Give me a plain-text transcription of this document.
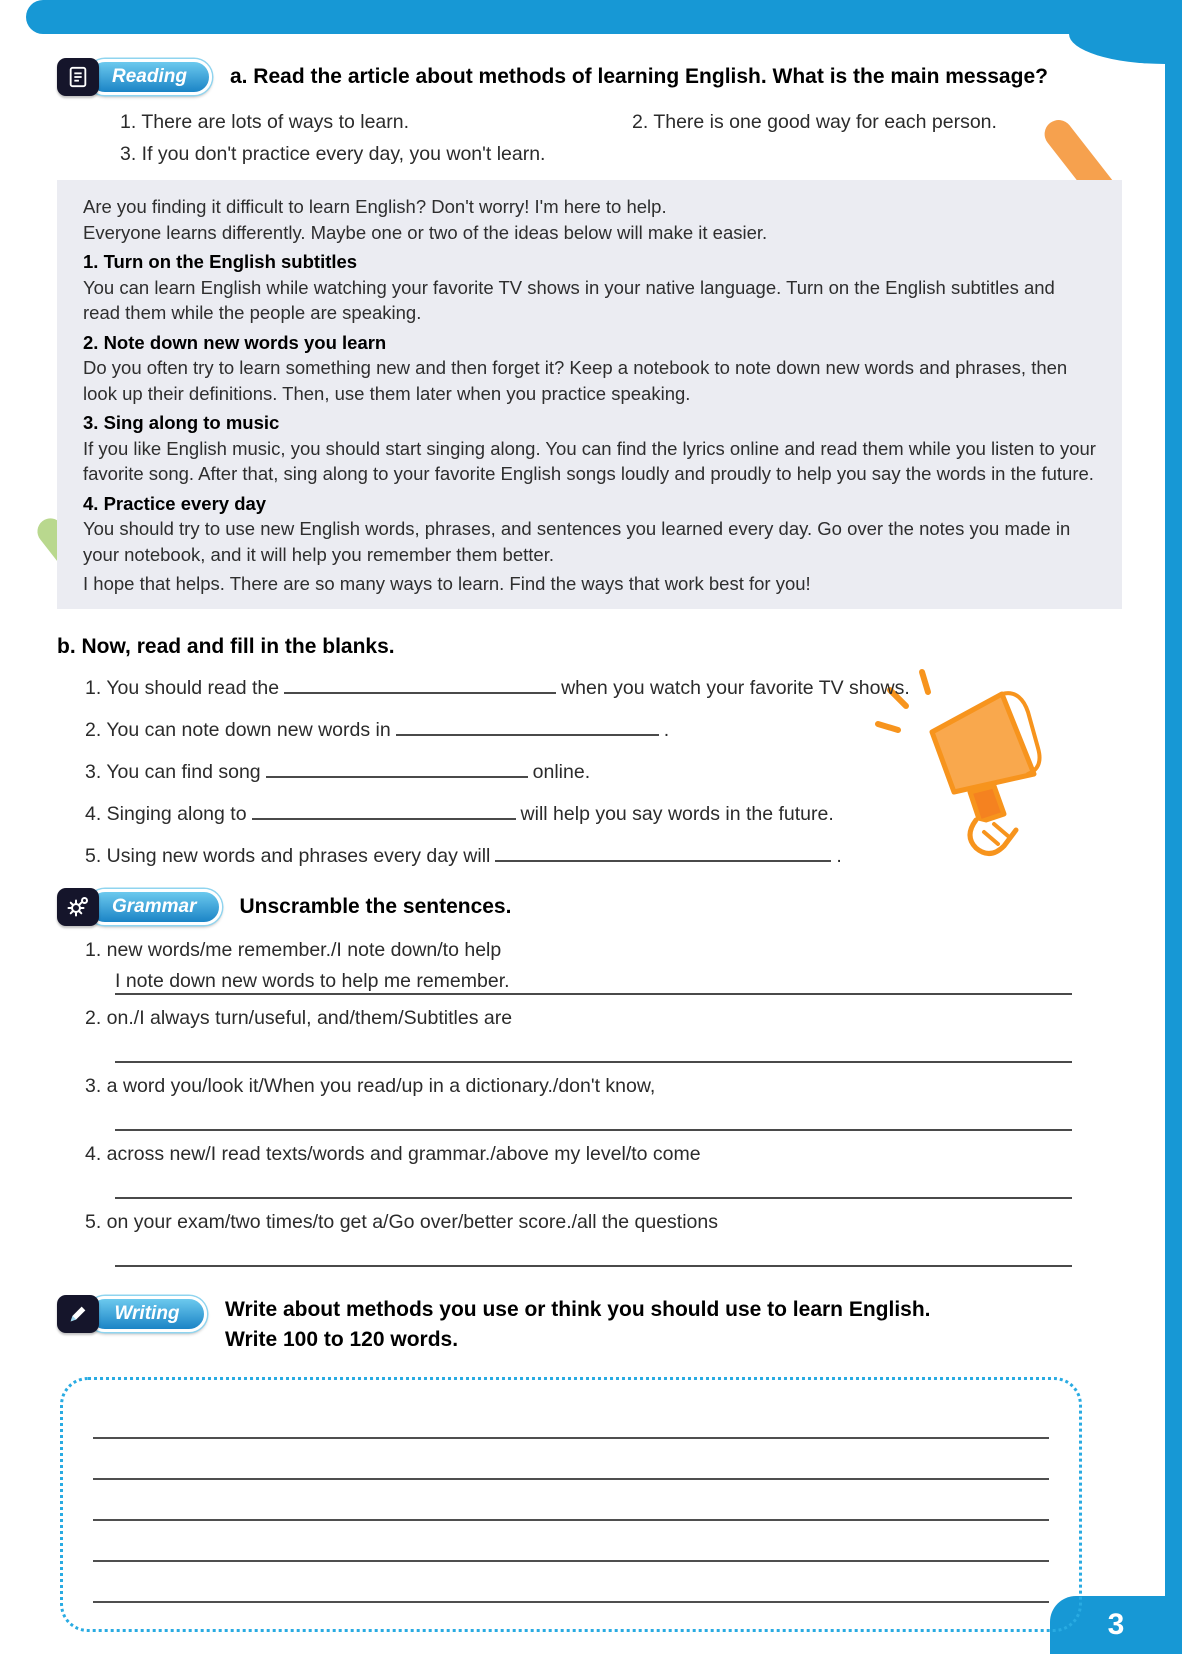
3
Reading	a. Read the article about methods of learning English. What is the main message?
1. There are lots of ways to learn.	2. There is one good way for each person.
3. If you don't practice every day, you won't learn.

Are you finding it difficult to learn English? Don't worry! I'm here to help.

Everyone learns differently. Maybe one or two of the ideas below will make it easier.

1. Turn on the English subtitles

You can learn English while watching your favorite TV shows in your native language. Turn on the English subtitles and read them while the people are speaking.

2. Note down new words you learn

Do you often try to learn something new and then forget it? Keep a notebook to note down new words and phrases, then look up their definitions. Then, use them later when you practice speaking.

3. Sing along to music

If you like English music, you should start singing along. You can find the lyrics online and read them while you listen to your favorite song. After that, sing along to your favorite English songs loudly and proudly to help you say the words in the future.

4. Practice every day

You should try to use new English words, phrases, and sentences you learned every day. Go over the notes you made in your notebook, and it will help you remember them better.

I hope that helps. There are so many ways to learn. Find the ways that work best for you!

b. Now, read and fill in the blanks.
1. You should read the	when you watch your favorite TV shows.
2. You can note down new words in	.
3. You can find song	online.
4. Singing along to	will help you say words in the future.
5. Using new words and phrases every day will	.
Grammar	Unscramble the sentences.
1. new words/me remember./I note down/to help
I note down new words to help me remember.
2. on./I always turn/useful, and/them/Subtitles are
3. a word you/look it/When you read/up in a dictionary./don't know,
4. across new/I read texts/words and grammar./above my level/to come
5. on your exam/two times/to get a/Go over/better score./all the questions
Writing	Write about methods you use or think you should use to learn English.
Write 100 to 120 words.
